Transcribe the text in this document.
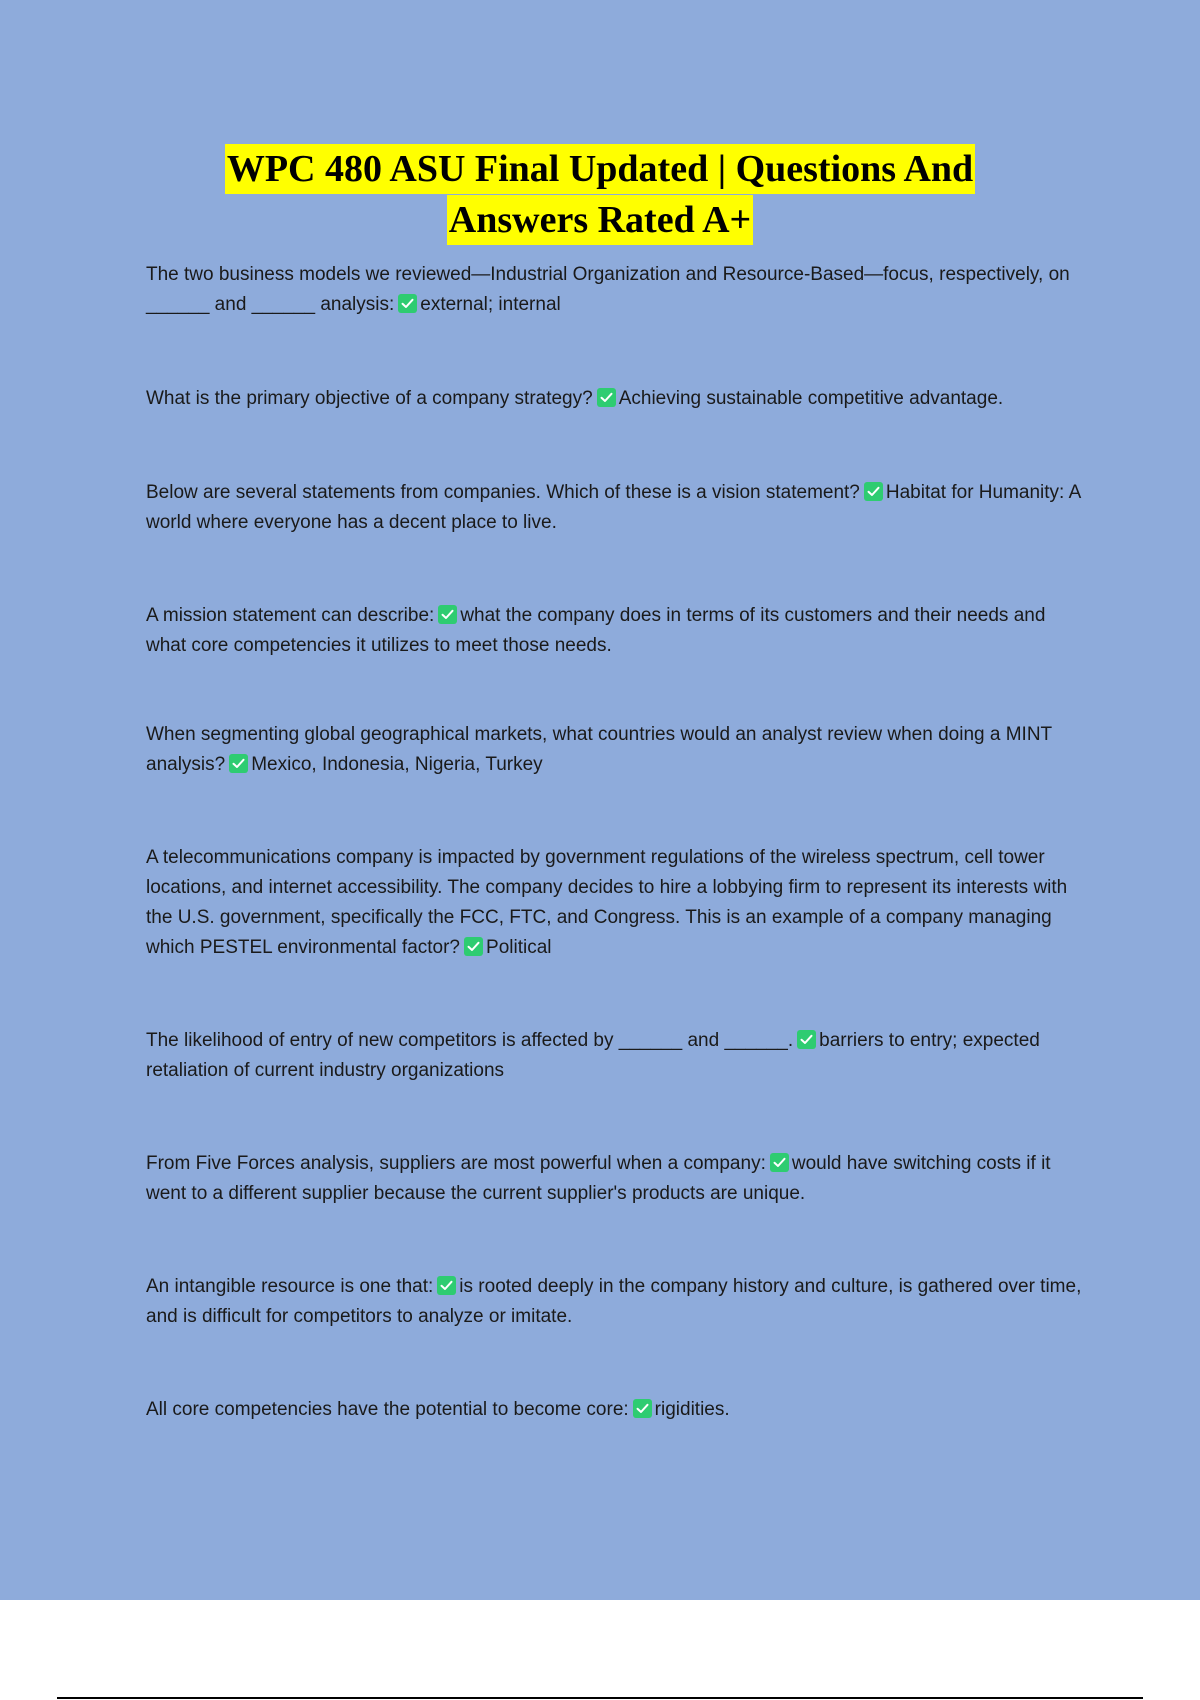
WPC 480 ASU Final Updated | Questions And
Answers Rated A+
The two business models we reviewed—Industrial Organization and Resource-Based—focus, respectively, on ______ and ______ analysis: external; internal
What is the primary objective of a company strategy? Achieving sustainable competitive advantage.
Below are several statements from companies. Which of these is a vision statement? Habitat for Humanity: A world where everyone has a decent place to live.
A mission statement can describe: what the company does in terms of its customers and their needs and what core competencies it utilizes to meet those needs.
When segmenting global geographical markets, what countries would an analyst review when doing a MINT analysis? Mexico, Indonesia, Nigeria, Turkey
A telecommunications company is impacted by government regulations of the wireless spectrum, cell tower locations, and internet accessibility. The company decides to hire a lobbying firm to represent its interests with the U.S. government, specifically the FCC, FTC, and Congress. This is an example of a company managing which PESTEL environmental factor? Political
The likelihood of entry of new competitors is affected by ______ and ______. barriers to entry; expected retaliation of current industry organizations
From Five Forces analysis, suppliers are most powerful when a company: would have switching costs if it went to a different supplier because the current supplier's products are unique.
An intangible resource is one that: is rooted deeply in the company history and culture, is gathered over time, and is difficult for competitors to analyze or imitate.
All core competencies have the potential to become core: rigidities.
